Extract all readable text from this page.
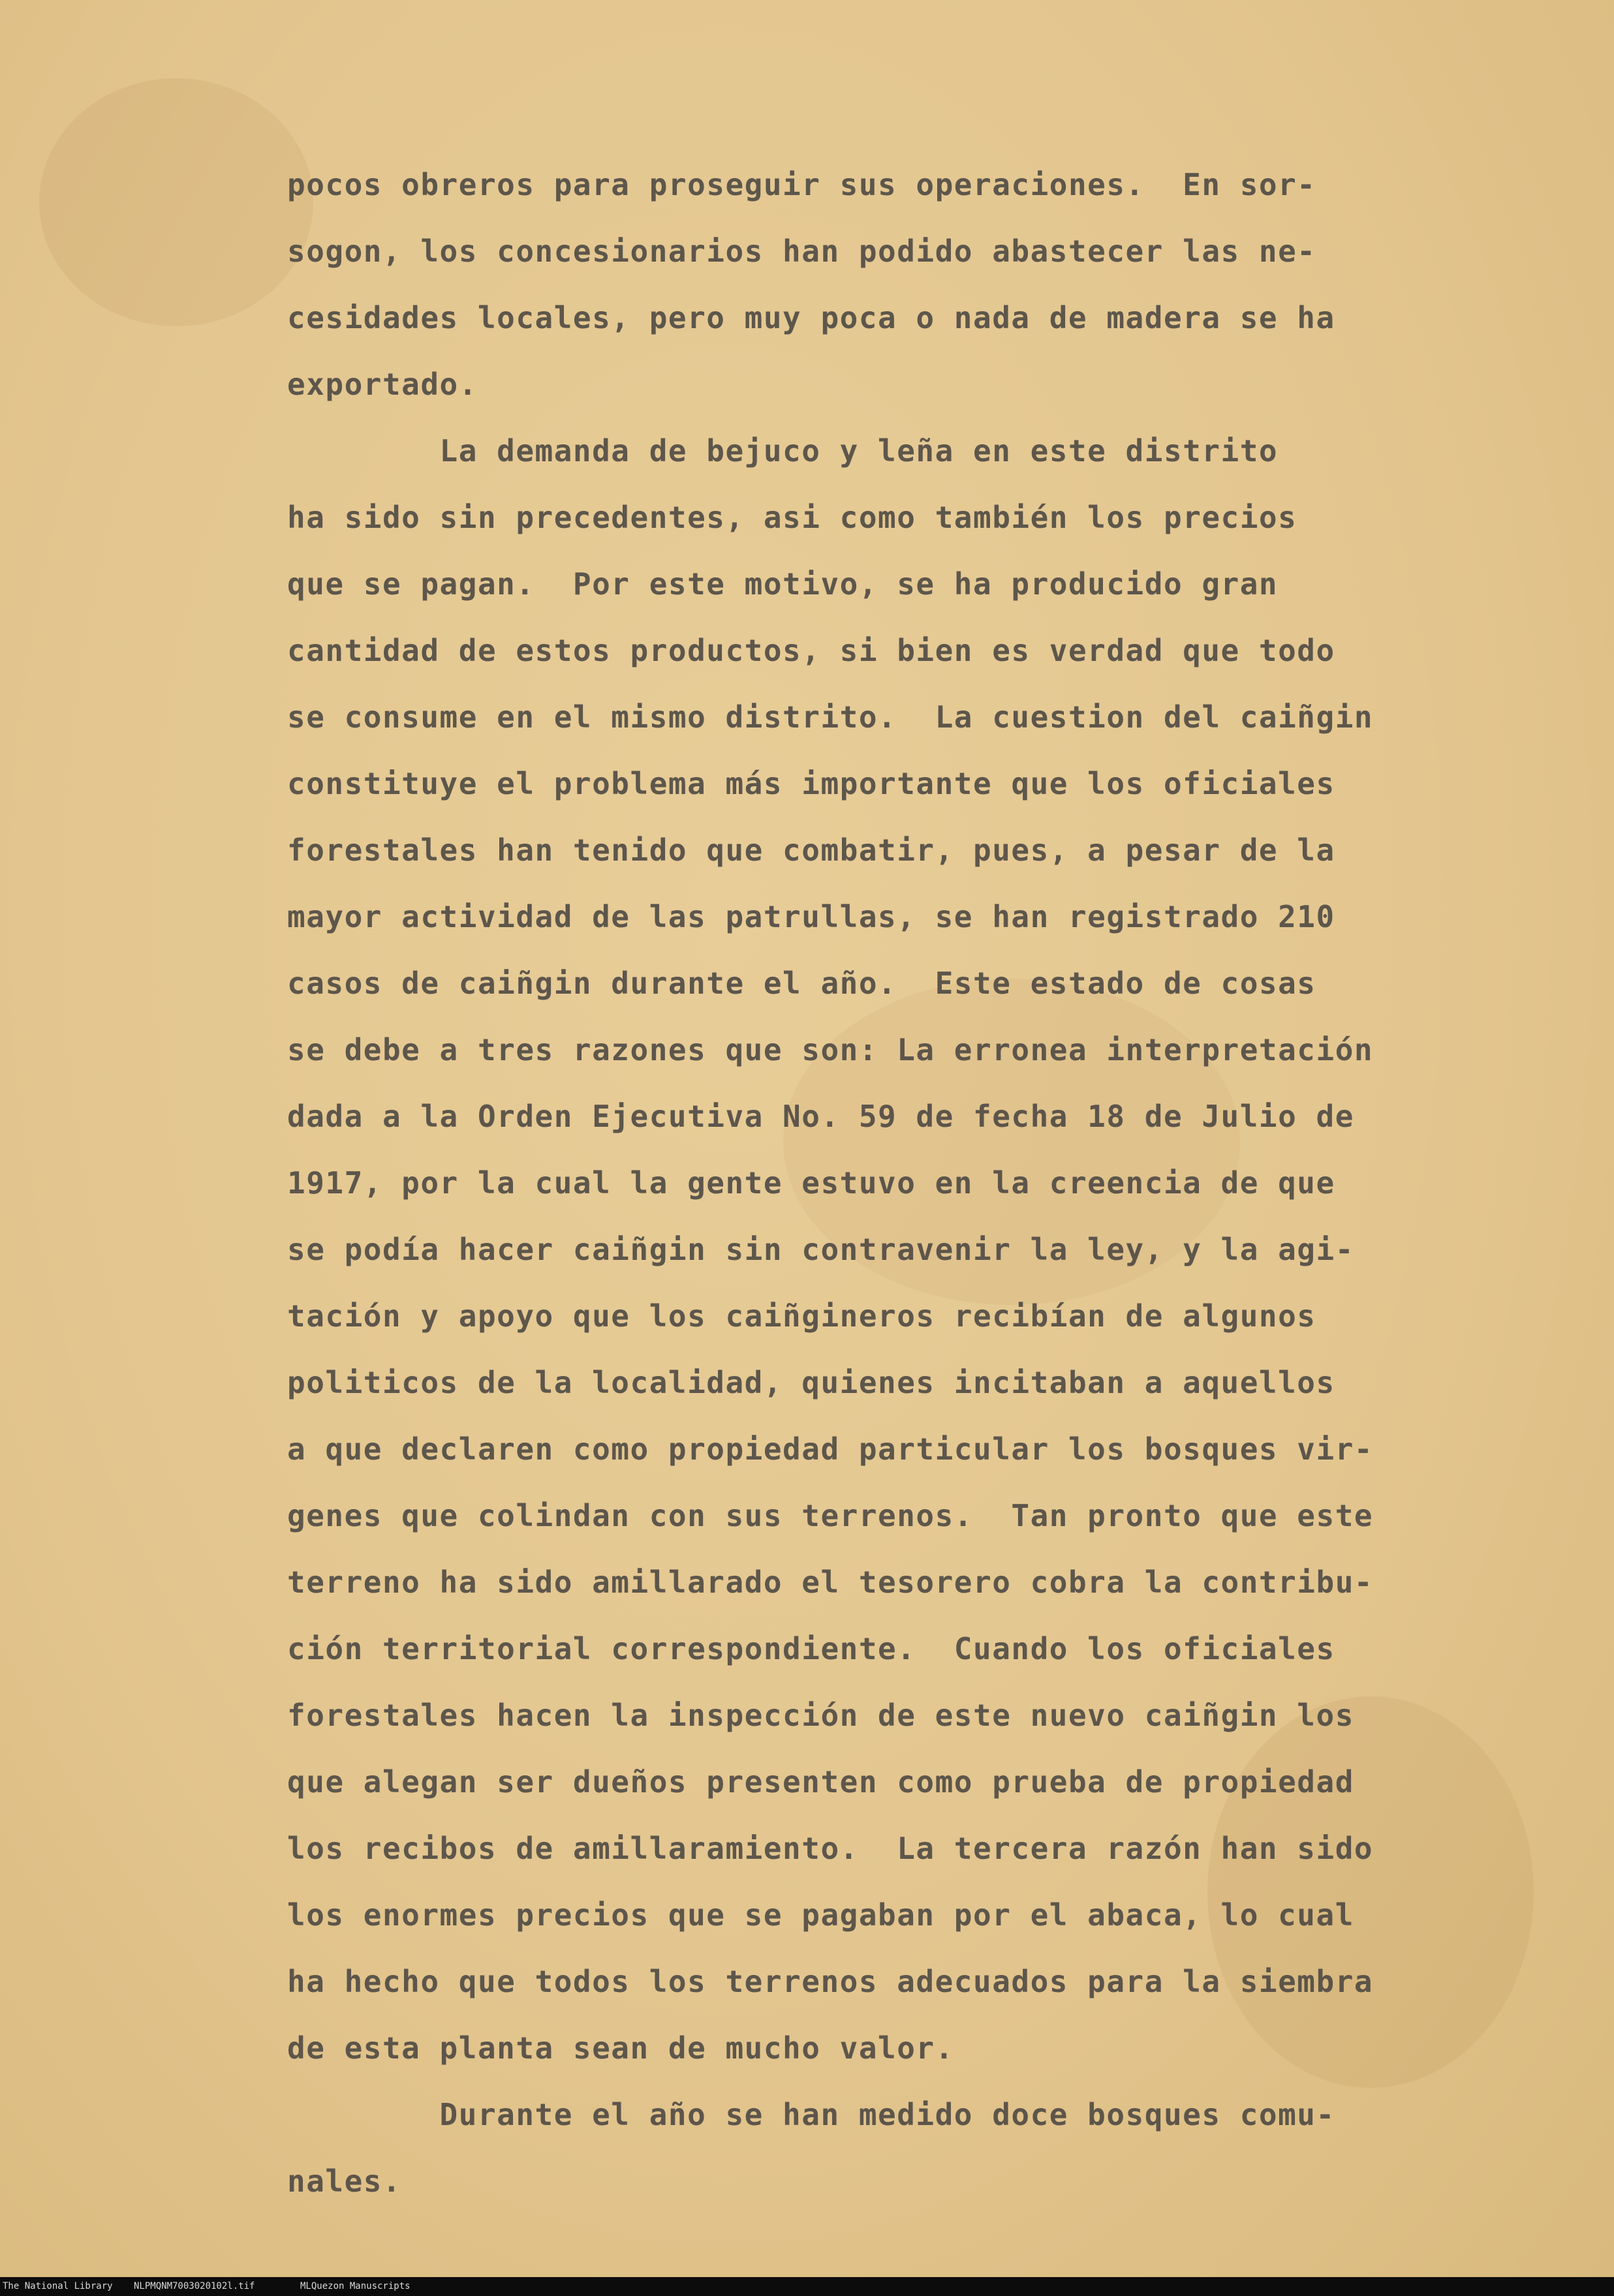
pocos obreros para proseguir sus operaciones.  En sor-
sogon, los concesionarios han podido abastecer las ne-
cesidades locales, pero muy poca o nada de madera se ha
exportado.
La demanda de bejuco y leña en este distrito
ha sido sin precedentes, asi como también los precios
que se pagan.  Por este motivo, se ha producido gran
cantidad de estos productos, si bien es verdad que todo
se consume en el mismo distrito.  La cuestion del caiñgin
constituye el problema más importante que los oficiales
forestales han tenido que combatir, pues, a pesar de la
mayor actividad de las patrullas, se han registrado 210
casos de caiñgin durante el año.  Este estado de cosas
se debe a tres razones que son: La erronea interpretación
dada a la Orden Ejecutiva No. 59 de fecha 18 de Julio de
1917, por la cual la gente estuvo en la creencia de que
se podía hacer caiñgin sin contravenir la ley, y la agi-
tación y apoyo que los caiñgineros recibían de algunos
politicos de la localidad, quienes incitaban a aquellos
a que declaren como propiedad particular los bosques vir-
genes que colindan con sus terrenos.  Tan pronto que este
terreno ha sido amillarado el tesorero cobra la contribu-
ción territorial correspondiente.  Cuando los oficiales
forestales hacen la inspección de este nuevo caiñgin los
que alegan ser dueños presenten como prueba de propiedad
los recibos de amillaramiento.  La tercera razón han sido
los enormes precios que se pagaban por el abaca, lo cual
ha hecho que todos los terrenos adecuados para la siembra
de esta planta sean de mucho valor.
Durante el año se han medido doce bosques comu-
nales.
The National Library NLPMQNM7003020102l.tif	MLQuezon Manuscripts
